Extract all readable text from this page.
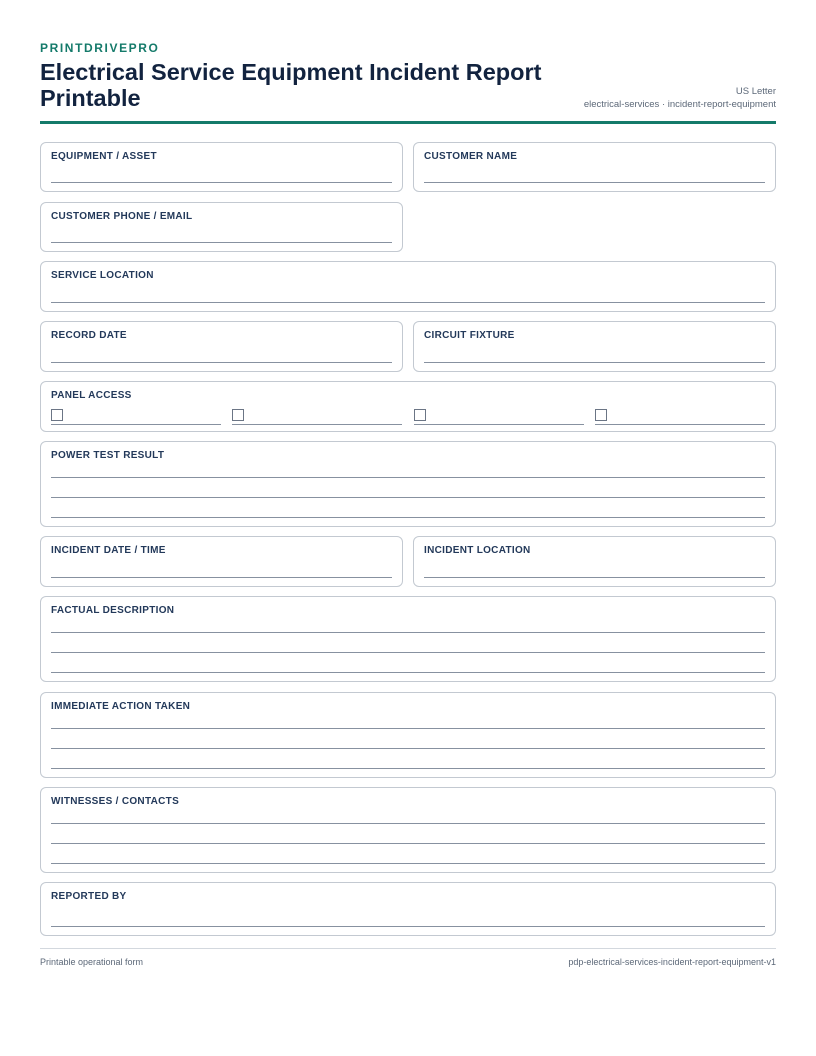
PRINTDRIVEPRO
Electrical Service Equipment Incident Report Printable	US Letter
electrical-services · incident-report-equipment
EQUIPMENT / ASSET	CUSTOMER NAME
CUSTOMER PHONE / EMAIL
SERVICE LOCATION
RECORD DATE	CIRCUIT FIXTURE
PANEL ACCESS
POWER TEST RESULT
INCIDENT DATE / TIME	INCIDENT LOCATION
FACTUAL DESCRIPTION
IMMEDIATE ACTION TAKEN
WITNESSES / CONTACTS
REPORTED BY
Printable operational form	pdp-electrical-services-incident-report-equipment-v1
